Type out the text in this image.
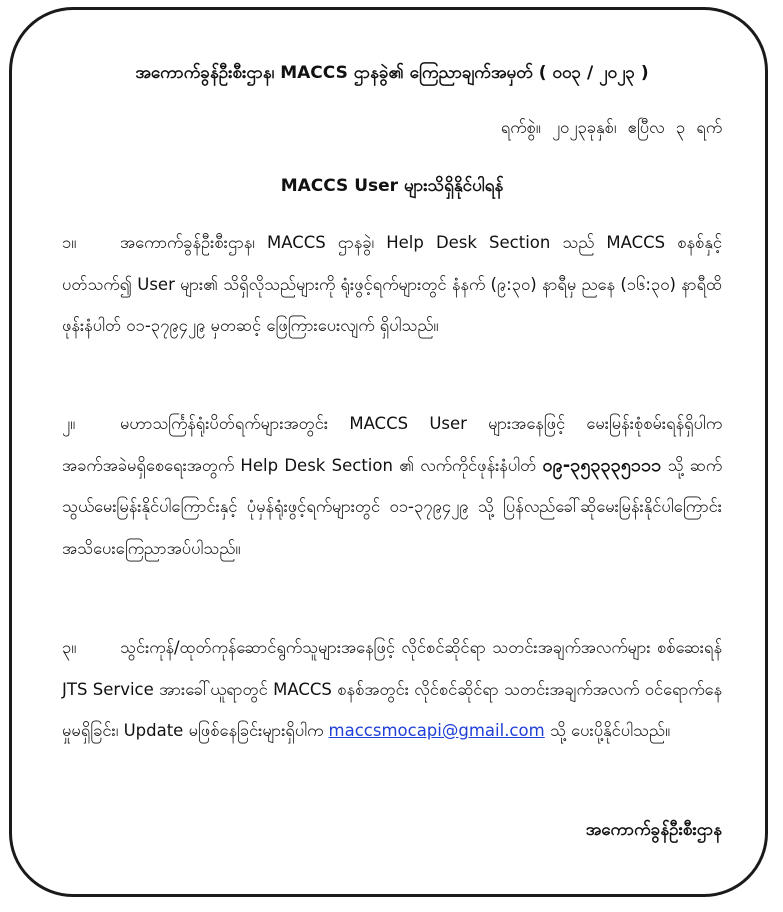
အကောက်ခွန်ဦးစီးဌာန၊ MACCS ဌာနခွဲ၏ ကြေညာချက်အမှတ် ( ၀၀၃ / ၂၀၂၃ )
ရက်စွဲ။ ၂၀၂၃ခုနှစ်၊ ဧပြီလ ၃ ရက်
MACCS User များသိရှိနိုင်ပါရန်

၁။	အကောက်ခွန်ဦးစီးဌာန၊ MACCS ဌာနခွဲ၊ Help Desk Section သည် MACCS စနစ်နှင့်ပတ်သက်၍ User များ၏ သိရှိလိုသည်များကို ရုံးဖွင့်ရက်များတွင် နံနက် (၉:၃၀) နာရီမှ ညနေ (၁၆:၃၀) နာရီထိ ဖုန်းနံပါတ် ၀၁-၃၇၉၄၂၉ မှတဆင့် ဖြေကြားပေးလျက် ရှိပါသည်။

၂။	မဟာသင်္ကြန်ရုံးပိတ်ရက်များအတွင်း MACCS User များအနေဖြင့် မေးမြန်းစုံစမ်းရန်ရှိပါက အခက်အခဲမရှိစေရေးအတွက် Help Desk Section ၏ လက်ကိုင်ဖုန်းနံပါတ် ၀၉-၃၅၃၃၃၅၁၁၁ သို့ ဆက်သွယ်မေးမြန်းနိုင်ပါကြောင်းနှင့် ပုံမှန်ရုံးဖွင့်ရက်များတွင် ၀၁-၃၇၉၄၂၉ သို့ ပြန်လည်ခေါ်ဆိုမေးမြန်းနိုင်ပါကြောင်း အသိပေးကြေညာအပ်ပါသည်။

၃။	သွင်းကုန်/ထုတ်ကုန်ဆောင်ရွက်သူများအနေဖြင့် လိုင်စင်ဆိုင်ရာ သတင်းအချက်အလက်များ စစ်ဆေးရန် JTS Service အားခေါ်ယူရာတွင် MACCS စနစ်အတွင်း လိုင်စင်ဆိုင်ရာ သတင်းအချက်အလက် ဝင်ရောက်နေမှုမရှိခြင်း၊ Update မဖြစ်နေခြင်းများရှိပါက maccsmocapi@gmail.com သို့ ပေးပို့နိုင်ပါသည်။

အကောက်ခွန်ဦးစီးဌာန
